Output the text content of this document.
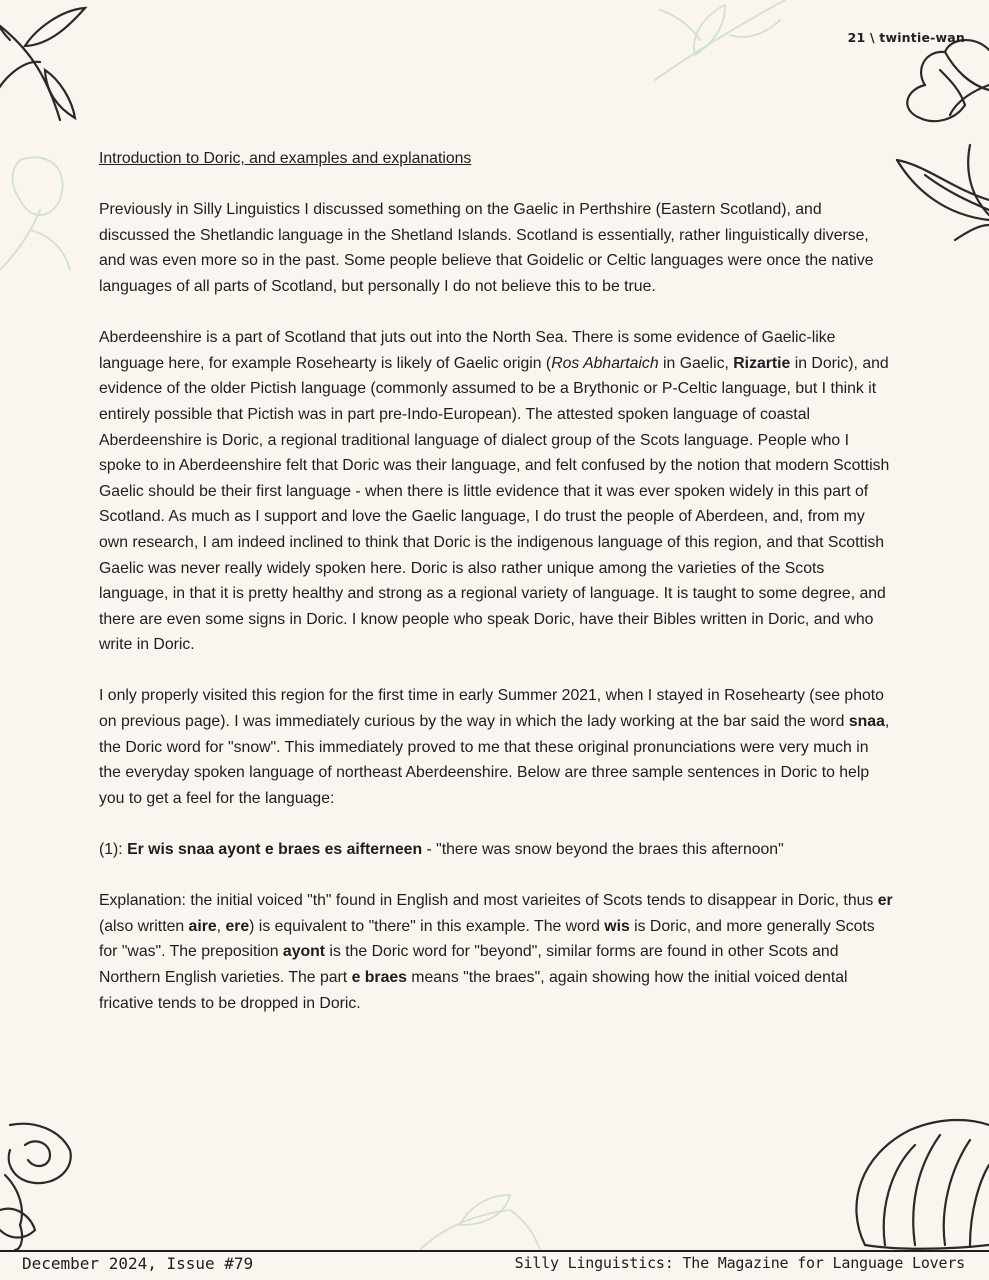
21 \ twintie-wan

Introduction to Doric, and examples and explanations

Previously in Silly Linguistics I discussed something on the Gaelic in Perthshire (Eastern Scotland), and discussed the Shetlandic language in the Shetland Islands. Scotland is essentially, rather linguistically diverse, and was even more so in the past. Some people believe that Goidelic or Celtic languages were once the native languages of all parts of Scotland, but personally I do not believe this to be true.

Aberdeenshire is a part of Scotland that juts out into the North Sea. There is some evidence of Gaelic-like language here, for example Rosehearty is likely of Gaelic origin (Ros Abhartaich in Gaelic, Rizartie in Doric), and evidence of the older Pictish language (commonly assumed to be a Brythonic or P-Celtic language, but I think it entirely possible that Pictish was in part pre-Indo-European). The attested spoken language of coastal Aberdeenshire is Doric, a regional traditional language of dialect group of the Scots language. People who I spoke to in Aberdeenshire felt that Doric was their language, and felt confused by the notion that modern Scottish Gaelic should be their first language - when there is little evidence that it was ever spoken widely in this part of Scotland. As much as I support and love the Gaelic language, I do trust the people of Aberdeen, and, from my own research, I am indeed inclined to think that Doric is the indigenous language of this region, and that Scottish Gaelic was never really widely spoken here. Doric is also rather unique among the varieties of the Scots language, in that it is pretty healthy and strong as a regional variety of language. It is taught to some degree, and there are even some signs in Doric. I know people who speak Doric, have their Bibles written in Doric, and who write in Doric.

I only properly visited this region for the first time in early Summer 2021, when I stayed in Rosehearty (see photo on previous page). I was immediately curious by the way in which the lady working at the bar said the word snaa, the Doric word for "snow". This immediately proved to me that these original pronunciations were very much in the everyday spoken language of northeast Aberdeenshire. Below are three sample sentences in Doric to help you to get a feel for the language:

(1): Er wis snaa ayont e braes es aifterneen - "there was snow beyond the braes this afternoon"

Explanation: the initial voiced "th" found in English and most varieites of Scots tends to disappear in Doric, thus er (also written aire, ere) is equivalent to "there" in this example. The word wis is Doric, and more generally Scots for "was". The preposition ayont is the Doric word for "beyond", similar forms are found in other Scots and Northern English varieties. The part e braes means "the braes", again showing how the initial voiced dental fricative tends to be dropped in Doric.

December 2024, Issue #79	Silly Linguistics: The Magazine for Language Lovers
